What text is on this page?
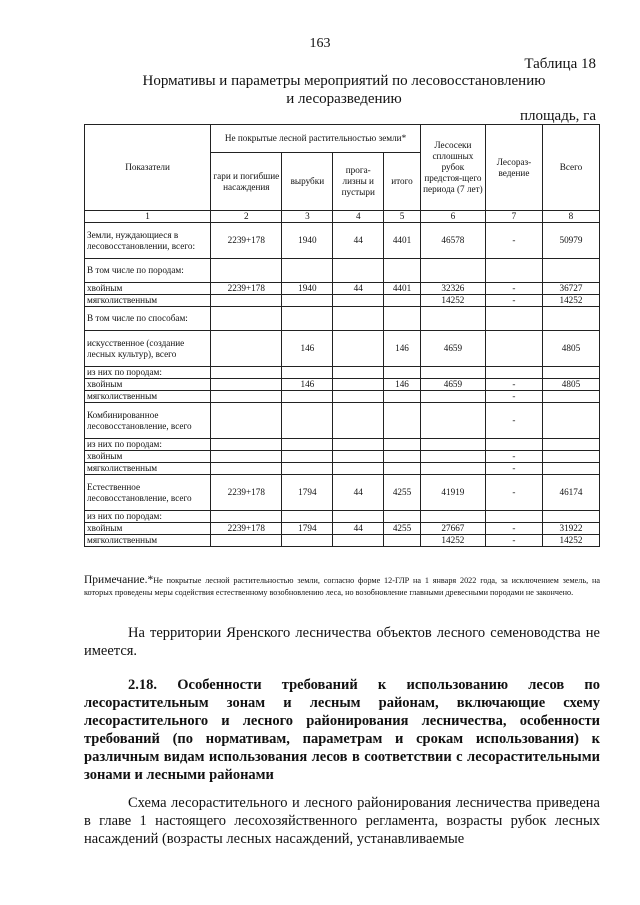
163
Таблица 18
Нормативы и параметры мероприятий по лесовосстановлению
и лесоразведению
площадь, га
Показатели	Не покрытые лесной растительностью земли*				Лесосеки сплошных рубок предстоя-щего периода (7 лет)	Лесораз-ведение	Всего
	гари и погибшие насаждения	вырубки	прога-лизны и пустыри	итого			
1	2	3	4	5	6	7	8
Земли, нуждающиеся в лесовосстановлении, всего:	2239+178	1940	44	4401	46578	-	50979
В том числе по породам:							
хвойным	2239+178	1940	44	4401	32326	-	36727
мягколиственным					14252	-	14252
В том числе по способам:							
искусственное (создание лесных культур), всего		146		146	4659		4805
из них по породам:							
хвойным		146		146	4659	-	4805
мягколиственным						-	
Комбинированное лесовосстановление, всего						-	
из них по породам:							
хвойным						-	
мягколиственным						-	
Естественное лесовосстановление, всего	2239+178	1794	44	4255	41919	-	46174
из них по породам:							
хвойным	2239+178	1794	44	4255	27667	-	31922
мягколиственным					14252	-	14252
Примечание.*Не покрытые лесной растительностью земли, согласно форме 12-ГЛР на 1 января 2022 года, за исключением земель, на которых проведены меры содействия естественному возобновлению леса, но возобновление главными древесными породами не закончено.
На территории Яренского лесничества объектов лесного семеноводства не имеется.
2.18. Особенности требований к использованию лесов по лесорастительным зонам и лесным районам, включающие схему лесорастительного и лесного районирования лесничества, особенности требований (по нормативам, параметрам и срокам использования) к различным видам использования лесов в соответствии с лесорастительными зонами и лесными районами
Схема лесорастительного и лесного районирования лесничества приведена в главе 1 настоящего лесохозяйственного регламента, возрасты рубок лесных насаждений (возрасты лесных насаждений, устанавливаемые
